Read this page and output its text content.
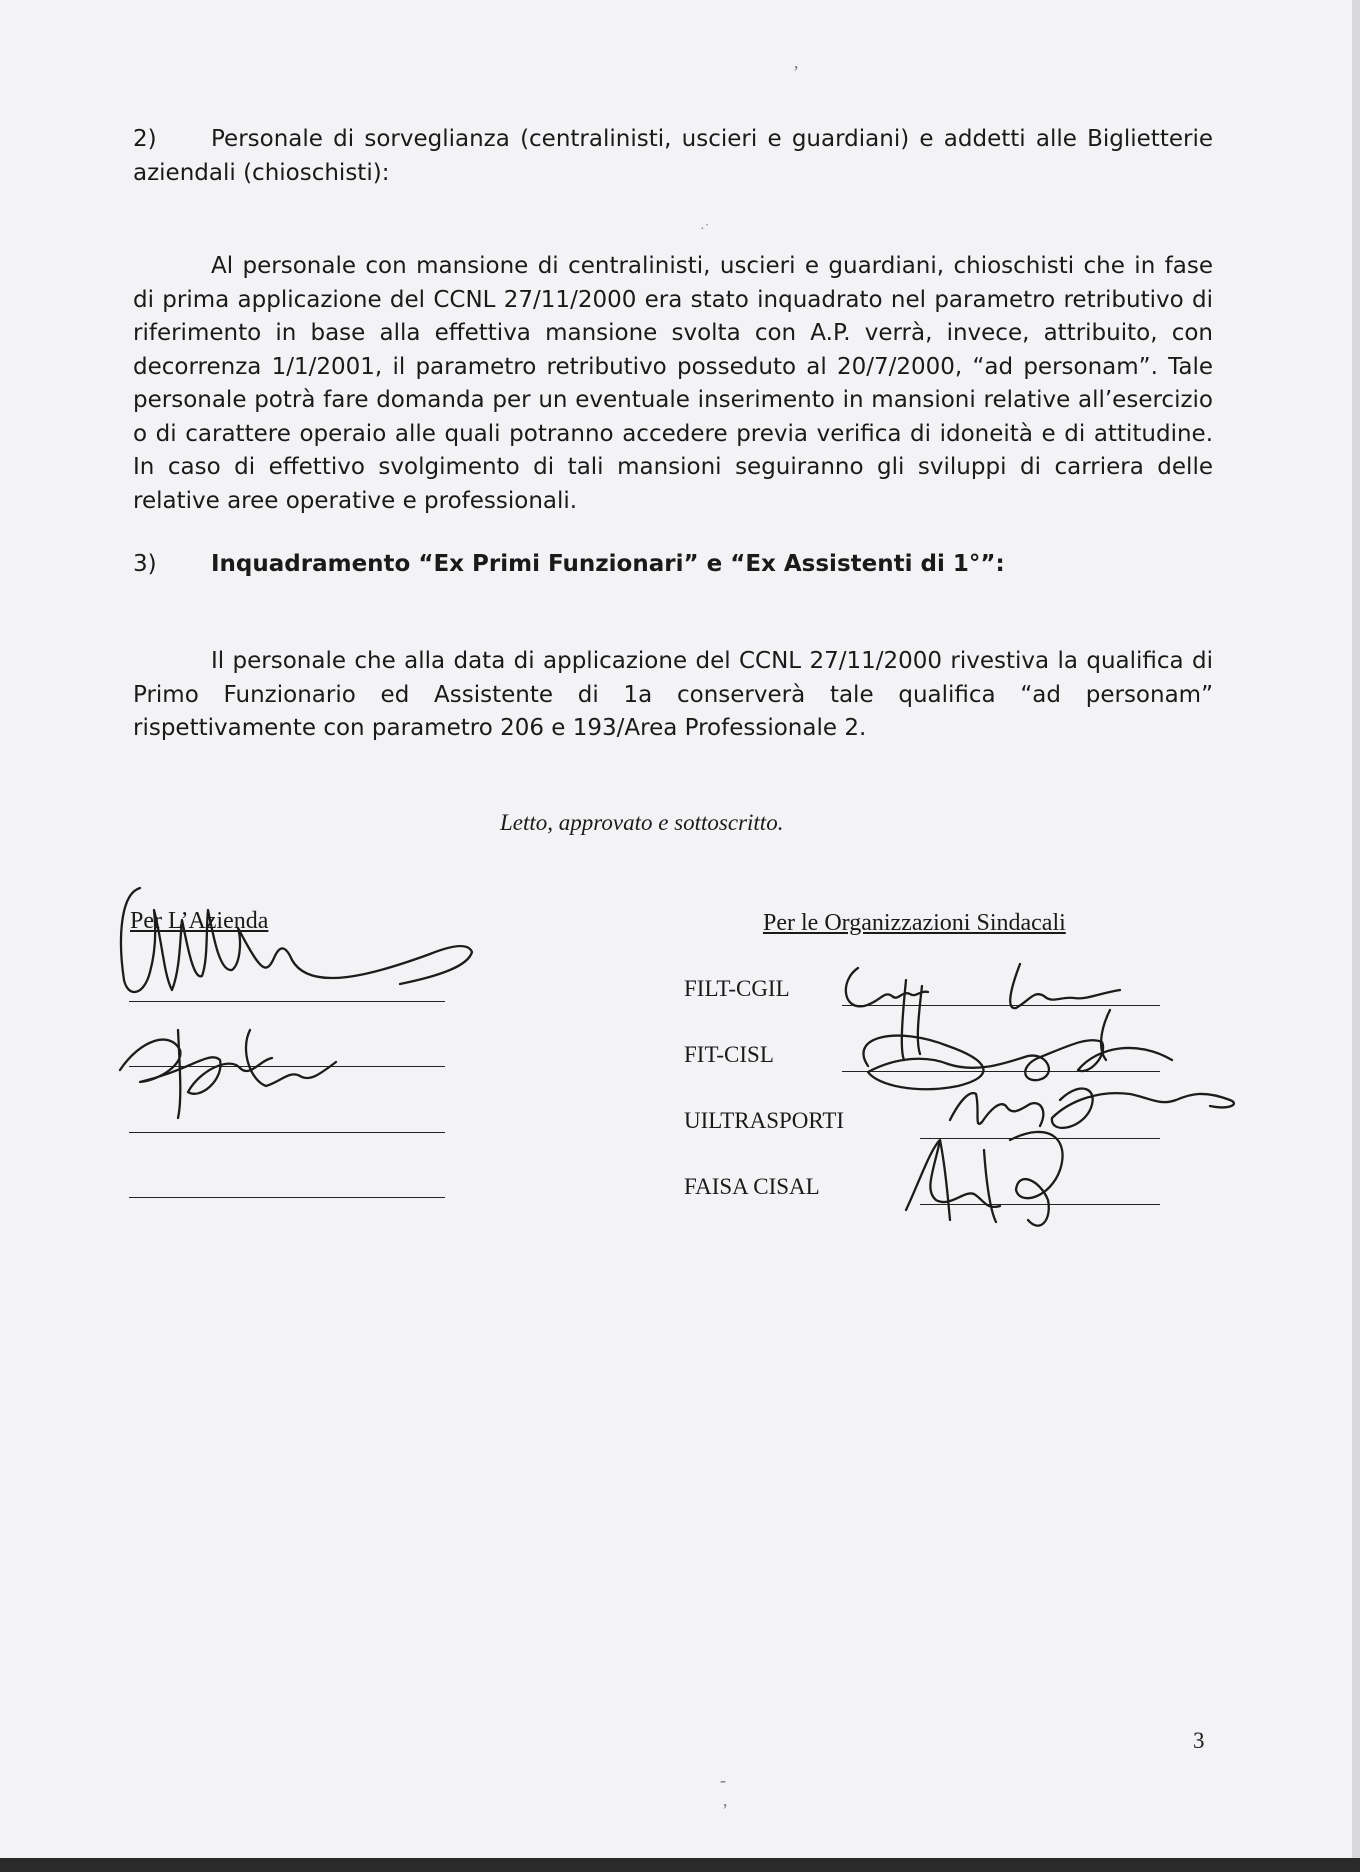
ʼ
·˙
2)	Personale di sorveglianza (centralinisti, uscieri e guardiani) e addetti alle Biglietterie aziendali (chioschisti):
Al personale con mansione di centralinisti, uscieri e guardiani, chioschisti che in fase di prima applicazione del CCNL 27/11/2000 era stato inquadrato nel parametro retributivo di riferimento in base alla effettiva mansione svolta con A.P. verrà, invece, attribuito, con decorrenza 1/1/2001, il parametro retributivo posseduto al 20/7/2000, “ad personam”. Tale personale potrà fare domanda per un eventuale inserimento in mansioni relative all’esercizio o di carattere operaio alle quali potranno accedere previa verifica di idoneità e di attitudine. In caso di effettivo svolgimento di tali mansioni seguiranno gli sviluppi di carriera delle relative aree operative e professionali.
3)	Inquadramento “Ex Primi Funzionari” e “Ex Assistenti di 1°”:
Il personale che alla data di applicazione del CCNL 27/11/2000 rivestiva la qualifica di Primo Funzionario ed Assistente di 1a conserverà tale qualifica “ad personam” rispettivamente con parametro 206 e 193/Area Professionale 2.
Letto, approvato e sottoscritto.
Per L’Azienda	Per le Organizzazioni Sindacali
FILT-CGIL
FIT-CISL
UILTRASPORTI
FAISA CISAL
3
-
ʼ
